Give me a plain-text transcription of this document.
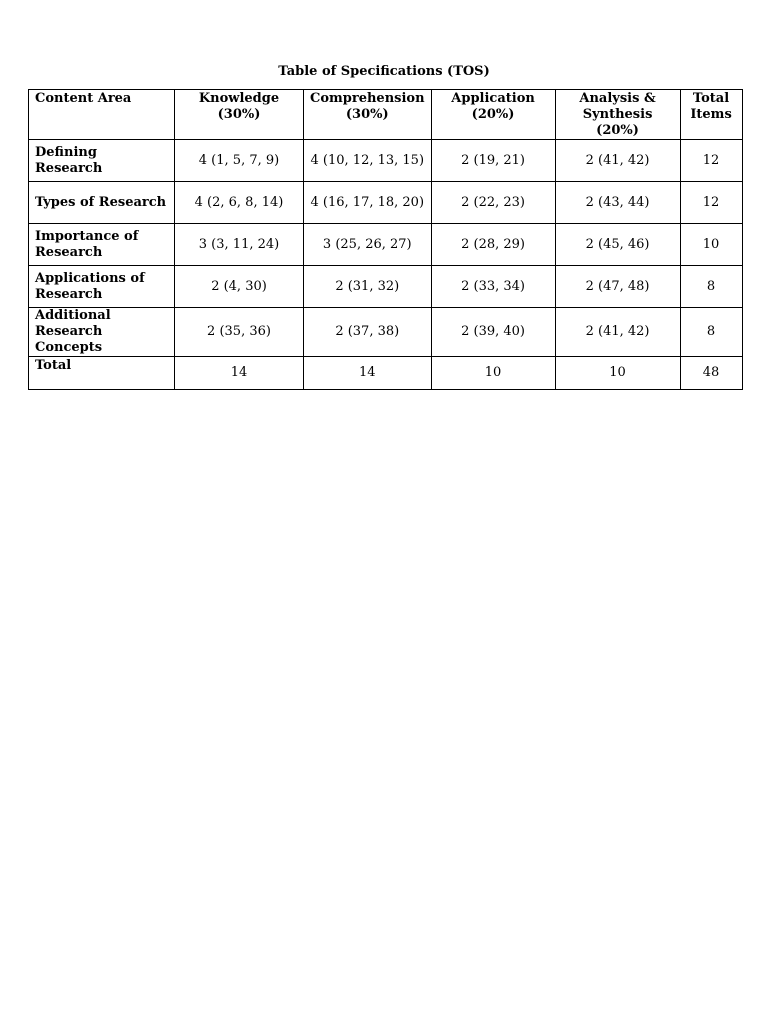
Table of Specifications (TOS)
Content Area	Knowledge (30%)	Comprehension (30%)	Application (20%)	Analysis & Synthesis (20%)	Total Items
Defining Research	4 (1, 5, 7, 9)	4 (10, 12, 13, 15)	2 (19, 21)	2 (41, 42)	12
Types of Research	4 (2, 6, 8, 14)	4 (16, 17, 18, 20)	2 (22, 23)	2 (43, 44)	12
Importance of Research	3 (3, 11, 24)	3 (25, 26, 27)	2 (28, 29)	2 (45, 46)	10
Applications of Research	2 (4, 30)	2 (31, 32)	2 (33, 34)	2 (47, 48)	8
Additional Research Concepts	2 (35, 36)	2 (37, 38)	2 (39, 40)	2 (41, 42)	8
Total	14	14	10	10	48
